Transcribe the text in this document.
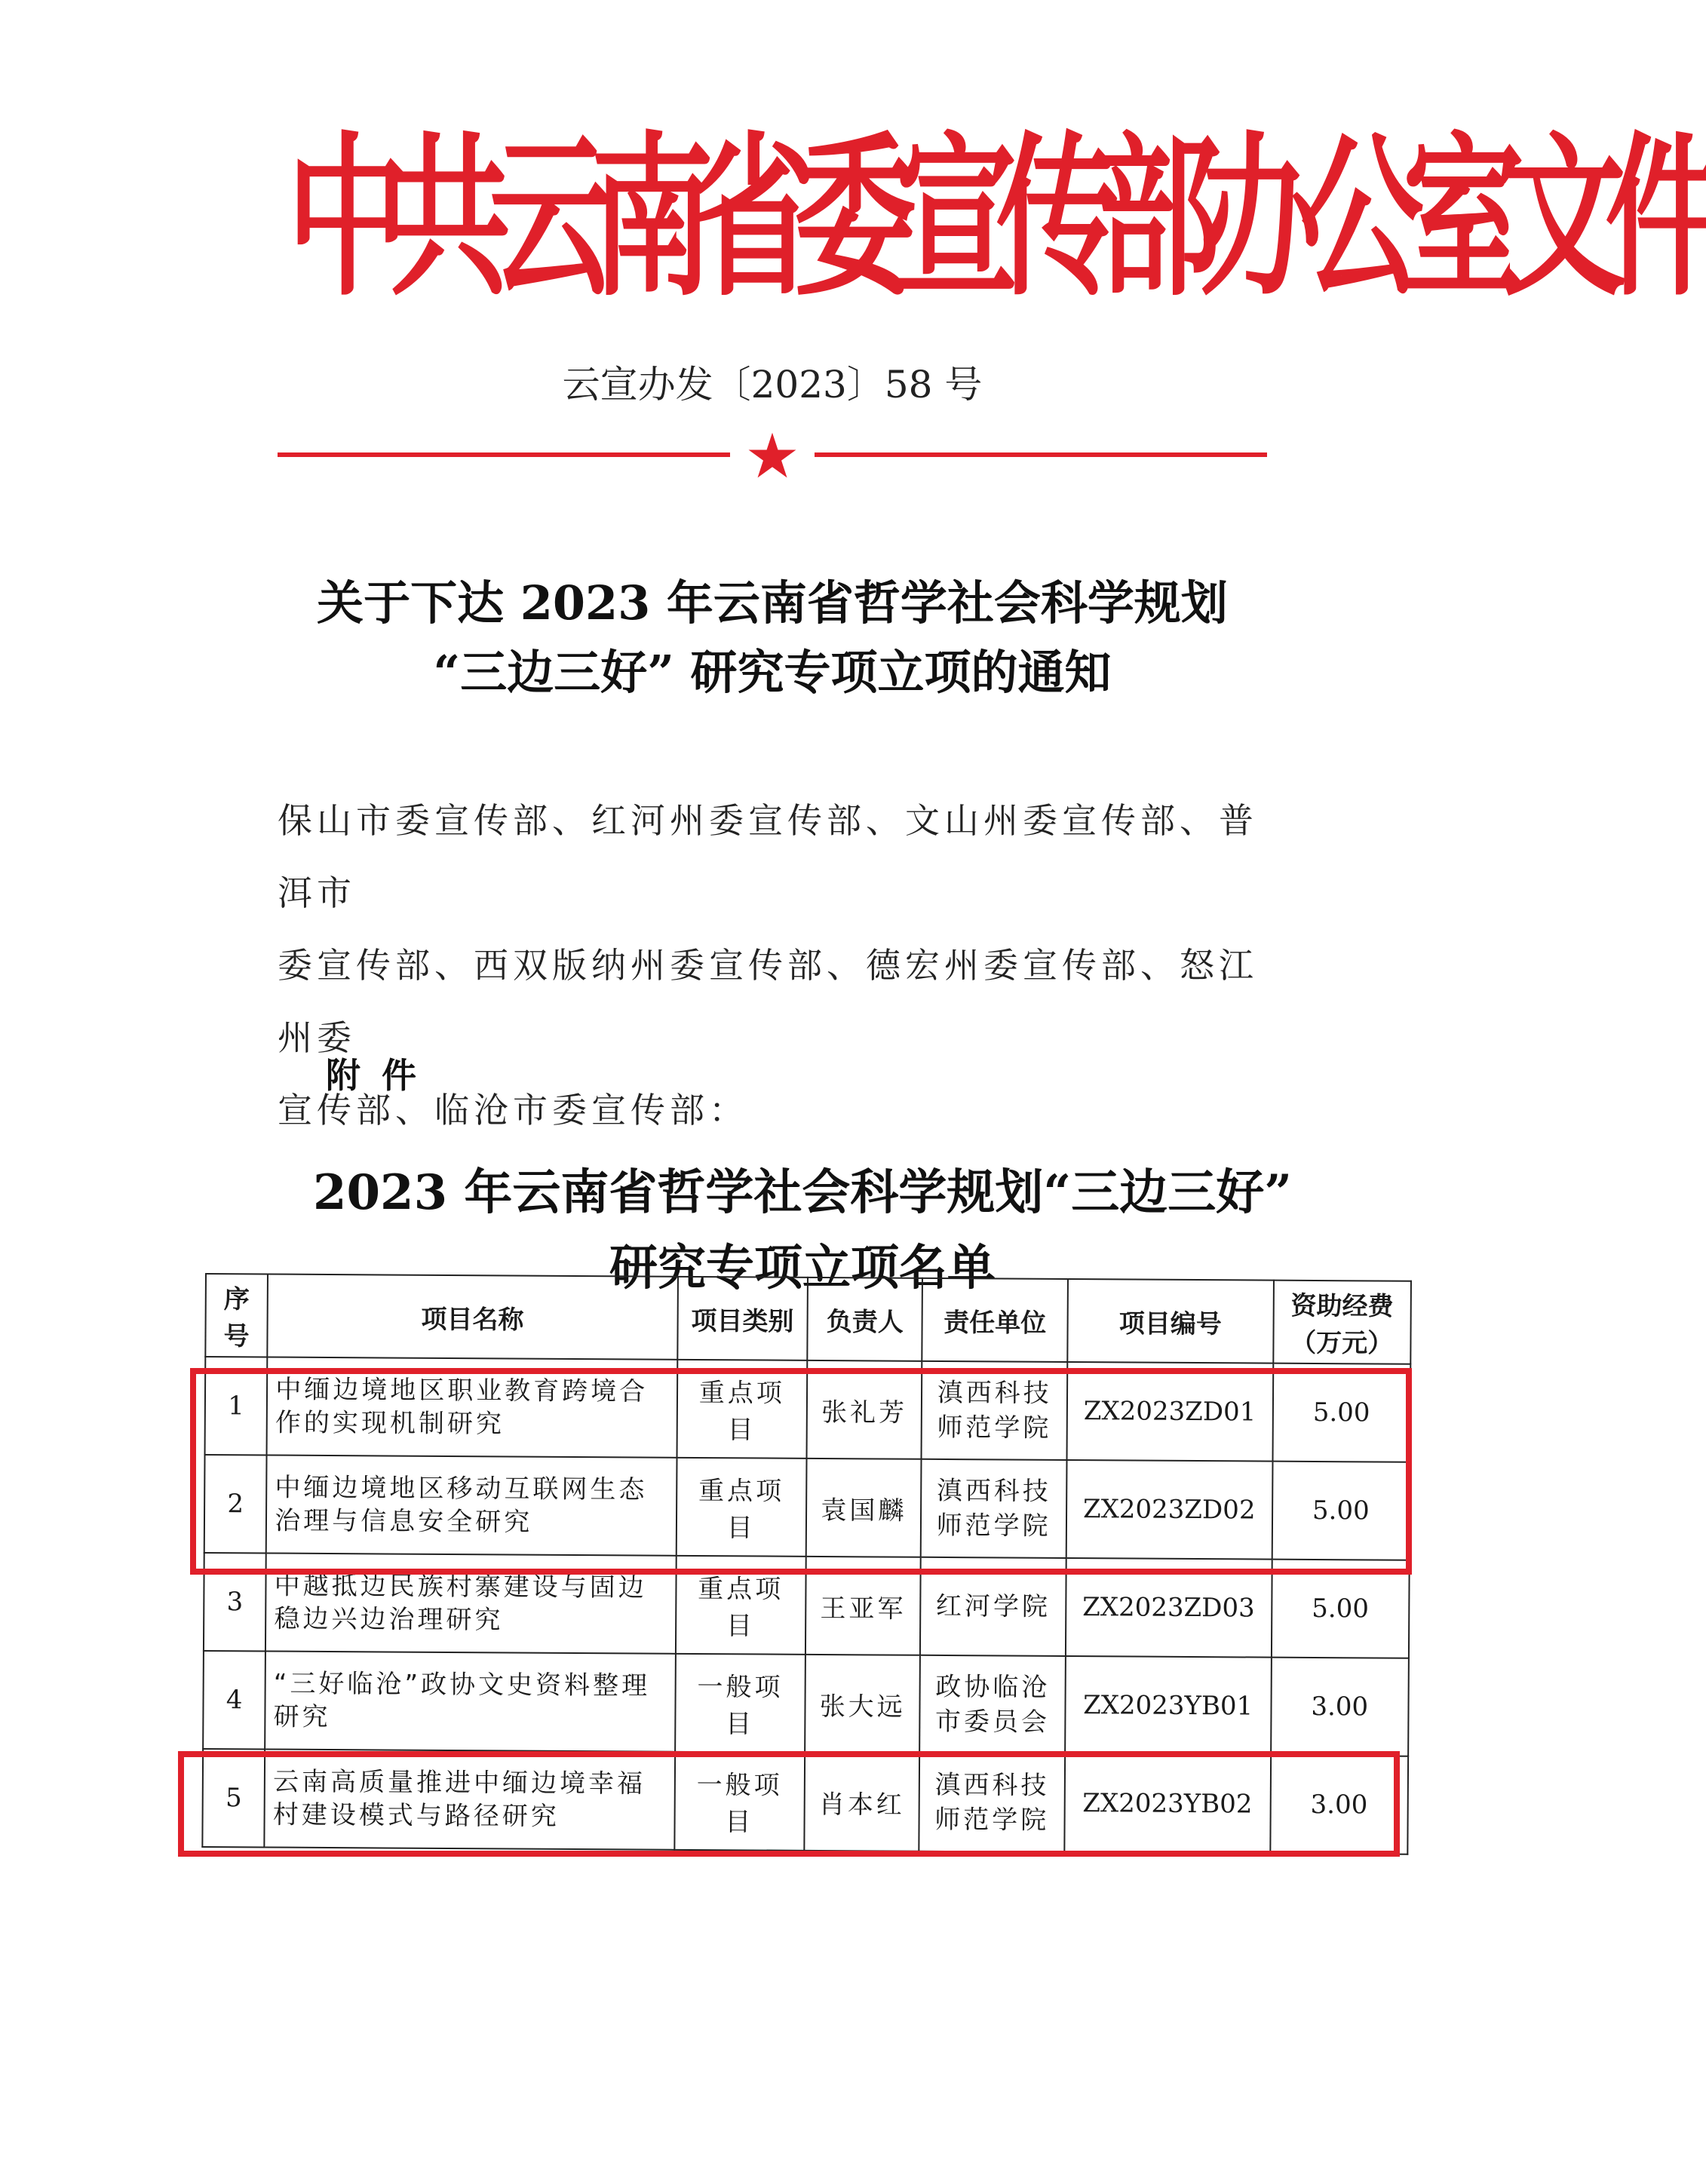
中共云南省委宣传部办公室文件
云宣办发〔2023〕58 号
★
关于下达 2023 年云南省哲学社会科学规划
“三边三好” 研究专项立项的通知
保山市委宣传部、红河州委宣传部、文山州委宣传部、普洱市
委宣传部、西双版纳州委宣传部、德宏州委宣传部、怒江州委
宣传部、临沧市委宣传部：
附件
2023 年云南省哲学社会科学规划“三边三好”
研究专项立项名单
序号	项目名称	项目类别	负责人	责任单位	项目编号	资助经费（万元）
1	中缅边境地区职业教育跨境合作的实现机制研究	重点项目	张礼芳	滇西科技师范学院	ZX2023ZD01	5.00
2	中缅边境地区移动互联网生态治理与信息安全研究	重点项目	袁国麟	滇西科技师范学院	ZX2023ZD02	5.00
3	中越抵边民族村寨建设与固边稳边兴边治理研究	重点项目	王亚军	红河学院	ZX2023ZD03	5.00
4	“三好临沧”政协文史资料整理研究	一般项目	张大远	政协临沧市委员会	ZX2023YB01	3.00
5	云南高质量推进中缅边境幸福村建设模式与路径研究	一般项目	肖本红	滇西科技师范学院	ZX2023YB02	3.00
